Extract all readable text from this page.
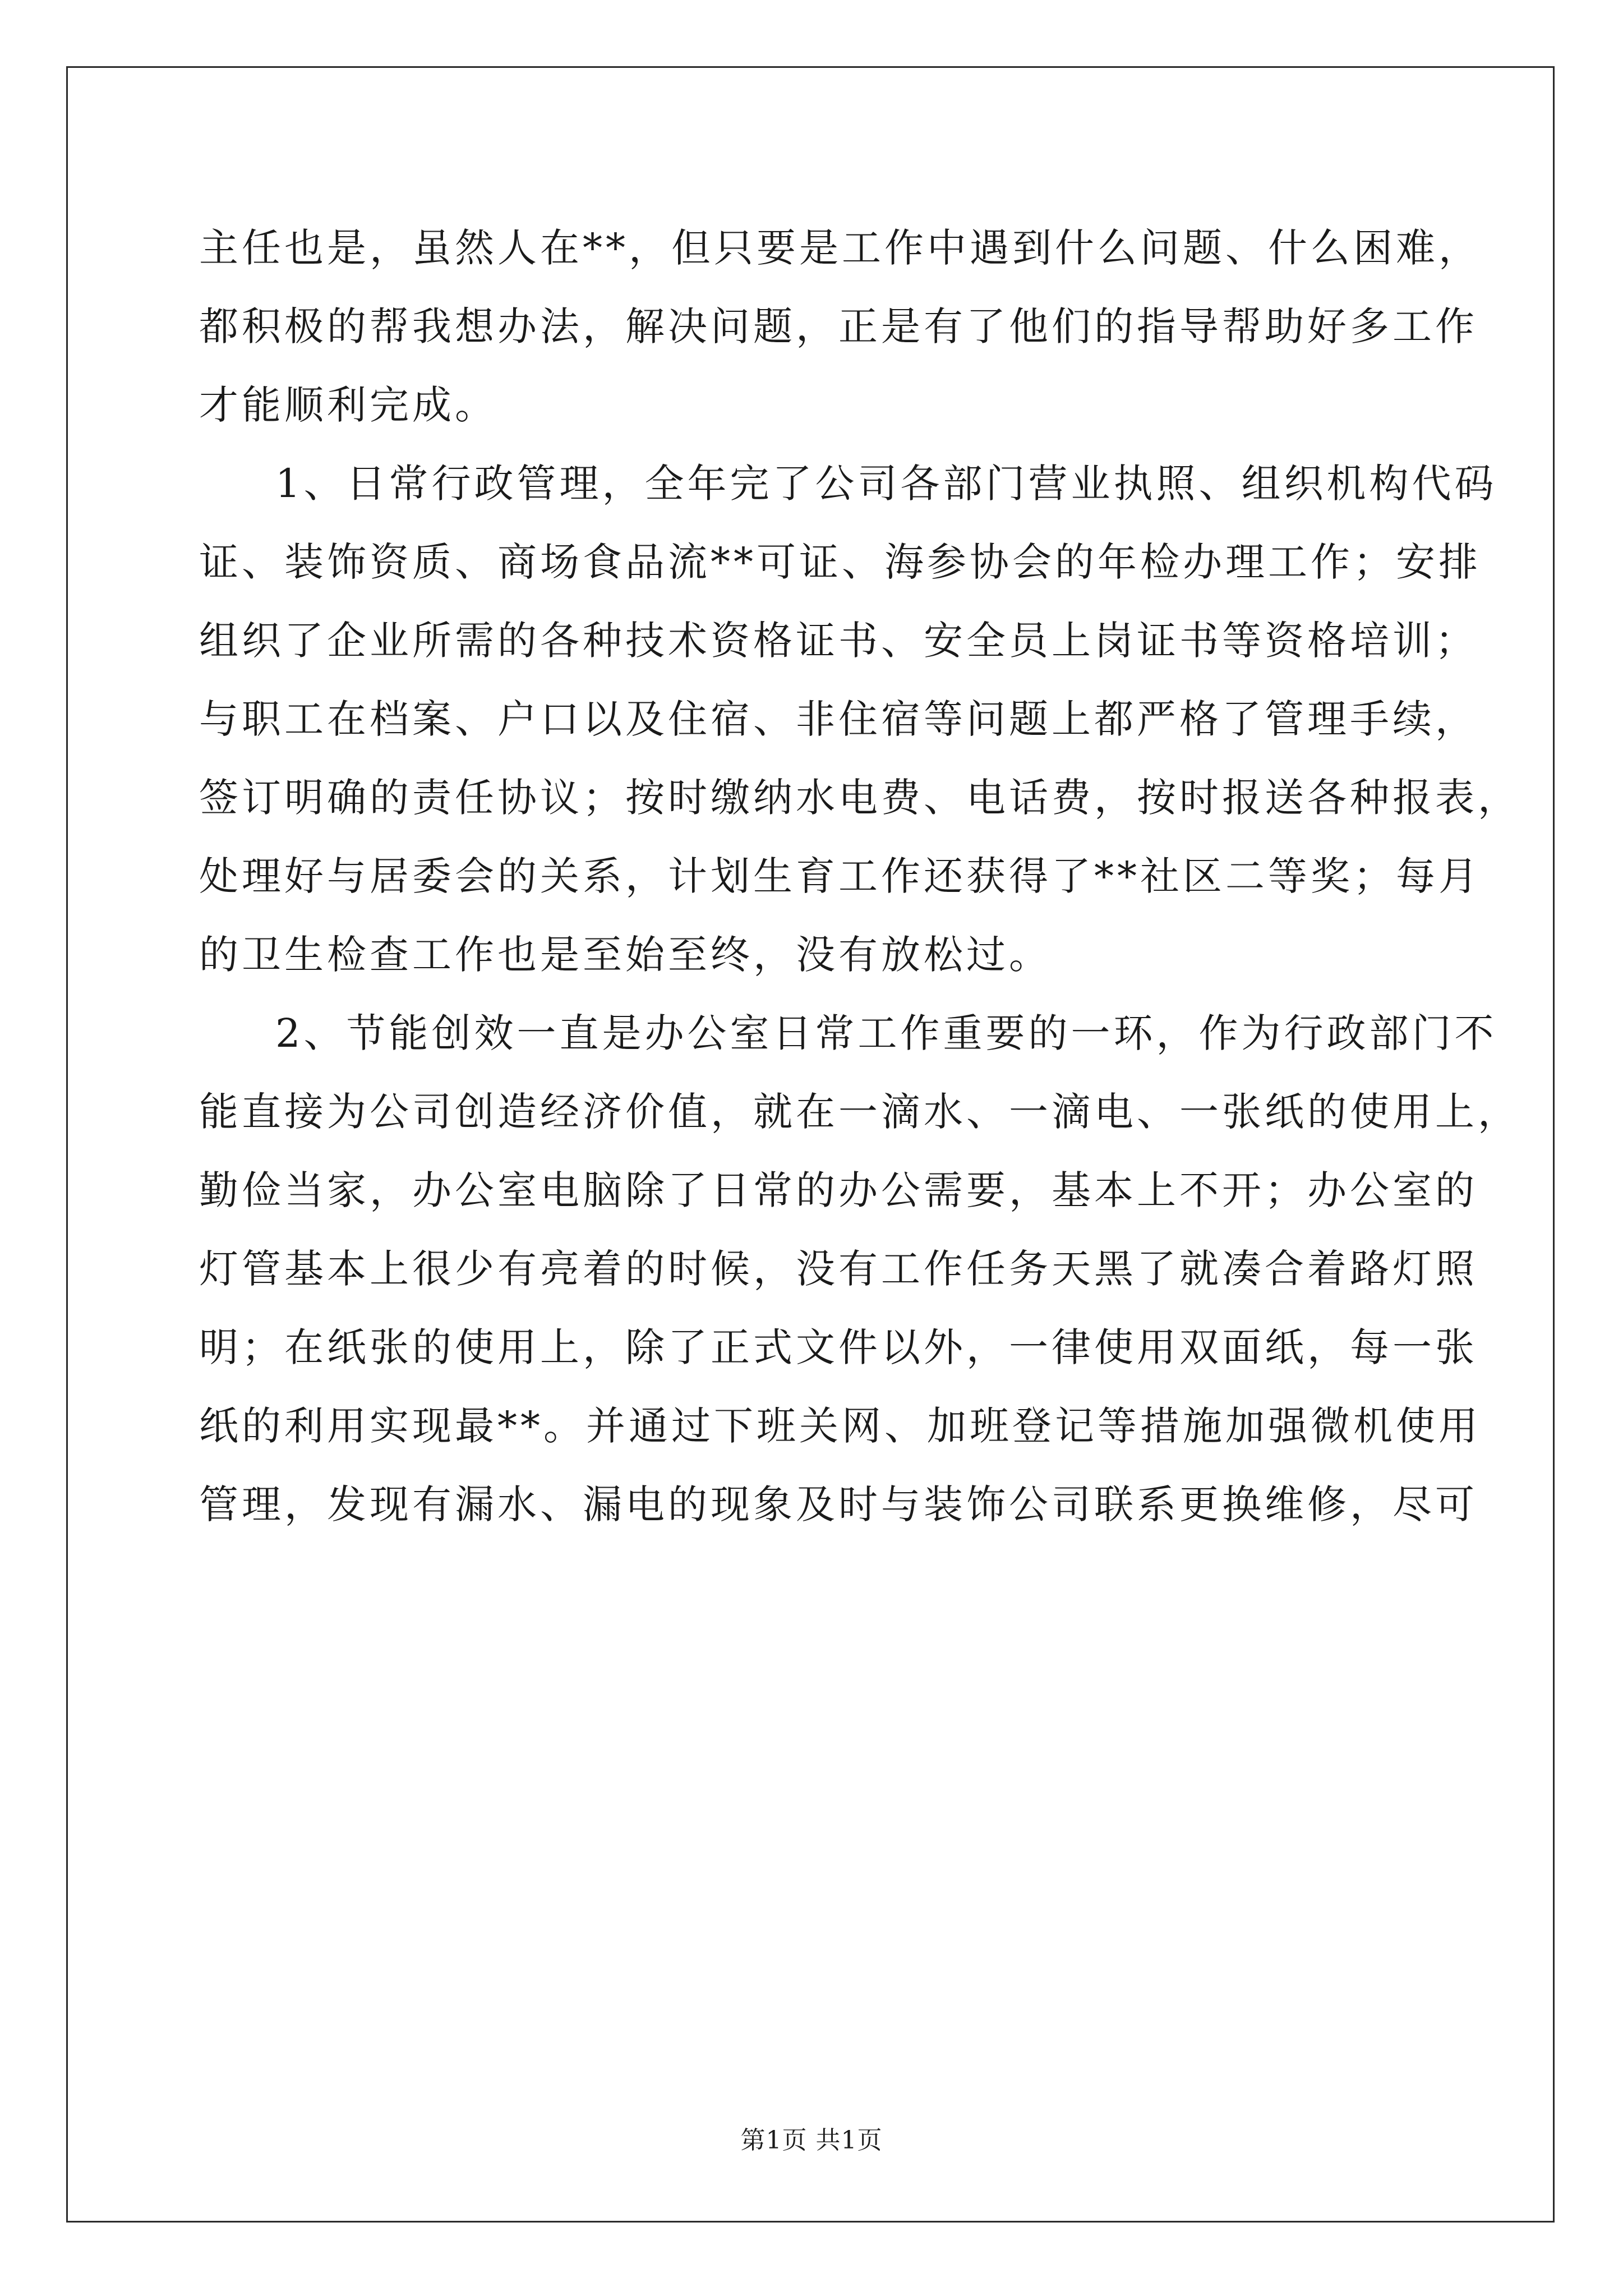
主任也是，虽然人在**，但只要是工作中遇到什么问题、什么困难，
都积极的帮我想办法，解决问题，正是有了他们的指导帮助好多工作
才能顺利完成。
1、日常行政管理，全年完了公司各部门营业执照、组织机构代码
证、装饰资质、商场食品流**可证、海参协会的年检办理工作；安排
组织了企业所需的各种技术资格证书、安全员上岗证书等资格培训；
与职工在档案、户口以及住宿、非住宿等问题上都严格了管理手续，
签订明确的责任协议；按时缴纳水电费、电话费，按时报送各种报表，
处理好与居委会的关系，计划生育工作还获得了**社区二等奖；每月
的卫生检查工作也是至始至终，没有放松过。
2、节能创效一直是办公室日常工作重要的一环，作为行政部门不
能直接为公司创造经济价值，就在一滴水、一滴电、一张纸的使用上，
勤俭当家，办公室电脑除了日常的办公需要，基本上不开；办公室的
灯管基本上很少有亮着的时候，没有工作任务天黑了就凑合着路灯照
明；在纸张的使用上，除了正式文件以外，一律使用双面纸，每一张
纸的利用实现最**。并通过下班关网、加班登记等措施加强微机使用
管理，发现有漏水、漏电的现象及时与装饰公司联系更换维修，尽可
第1页 共1页
